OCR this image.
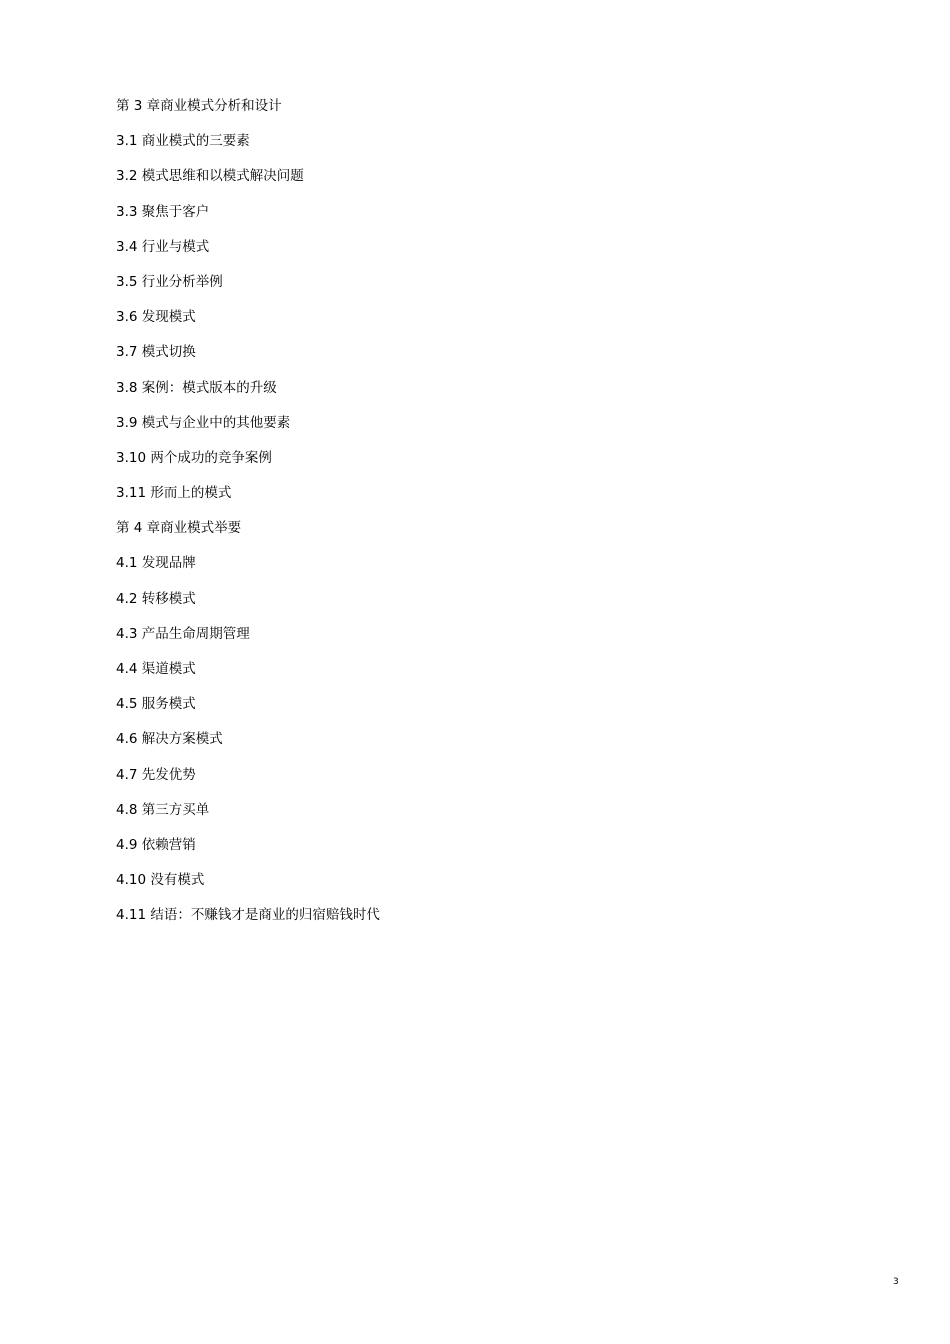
第 3 章商业模式分析和设计
3.1 商业模式的三要素
3.2 模式思维和以模式解决问题
3.3 聚焦于客户
3.4 行业与模式
3.5 行业分析举例
3.6 发现模式
3.7 模式切换
3.8 案例：模式版本的升级
3.9 模式与企业中的其他要素
3.10 两个成功的竞争案例
3.11 形而上的模式
第 4 章商业模式举要
4.1 发现品牌
4.2 转移模式
4.3 产品生命周期管理
4.4 渠道模式
4.5 服务模式
4.6 解决方案模式
4.7 先发优势
4.8 第三方买单
4.9 依赖营销
4.10 没有模式
4.11 结语：不赚钱才是商业的归宿赔钱时代
3
